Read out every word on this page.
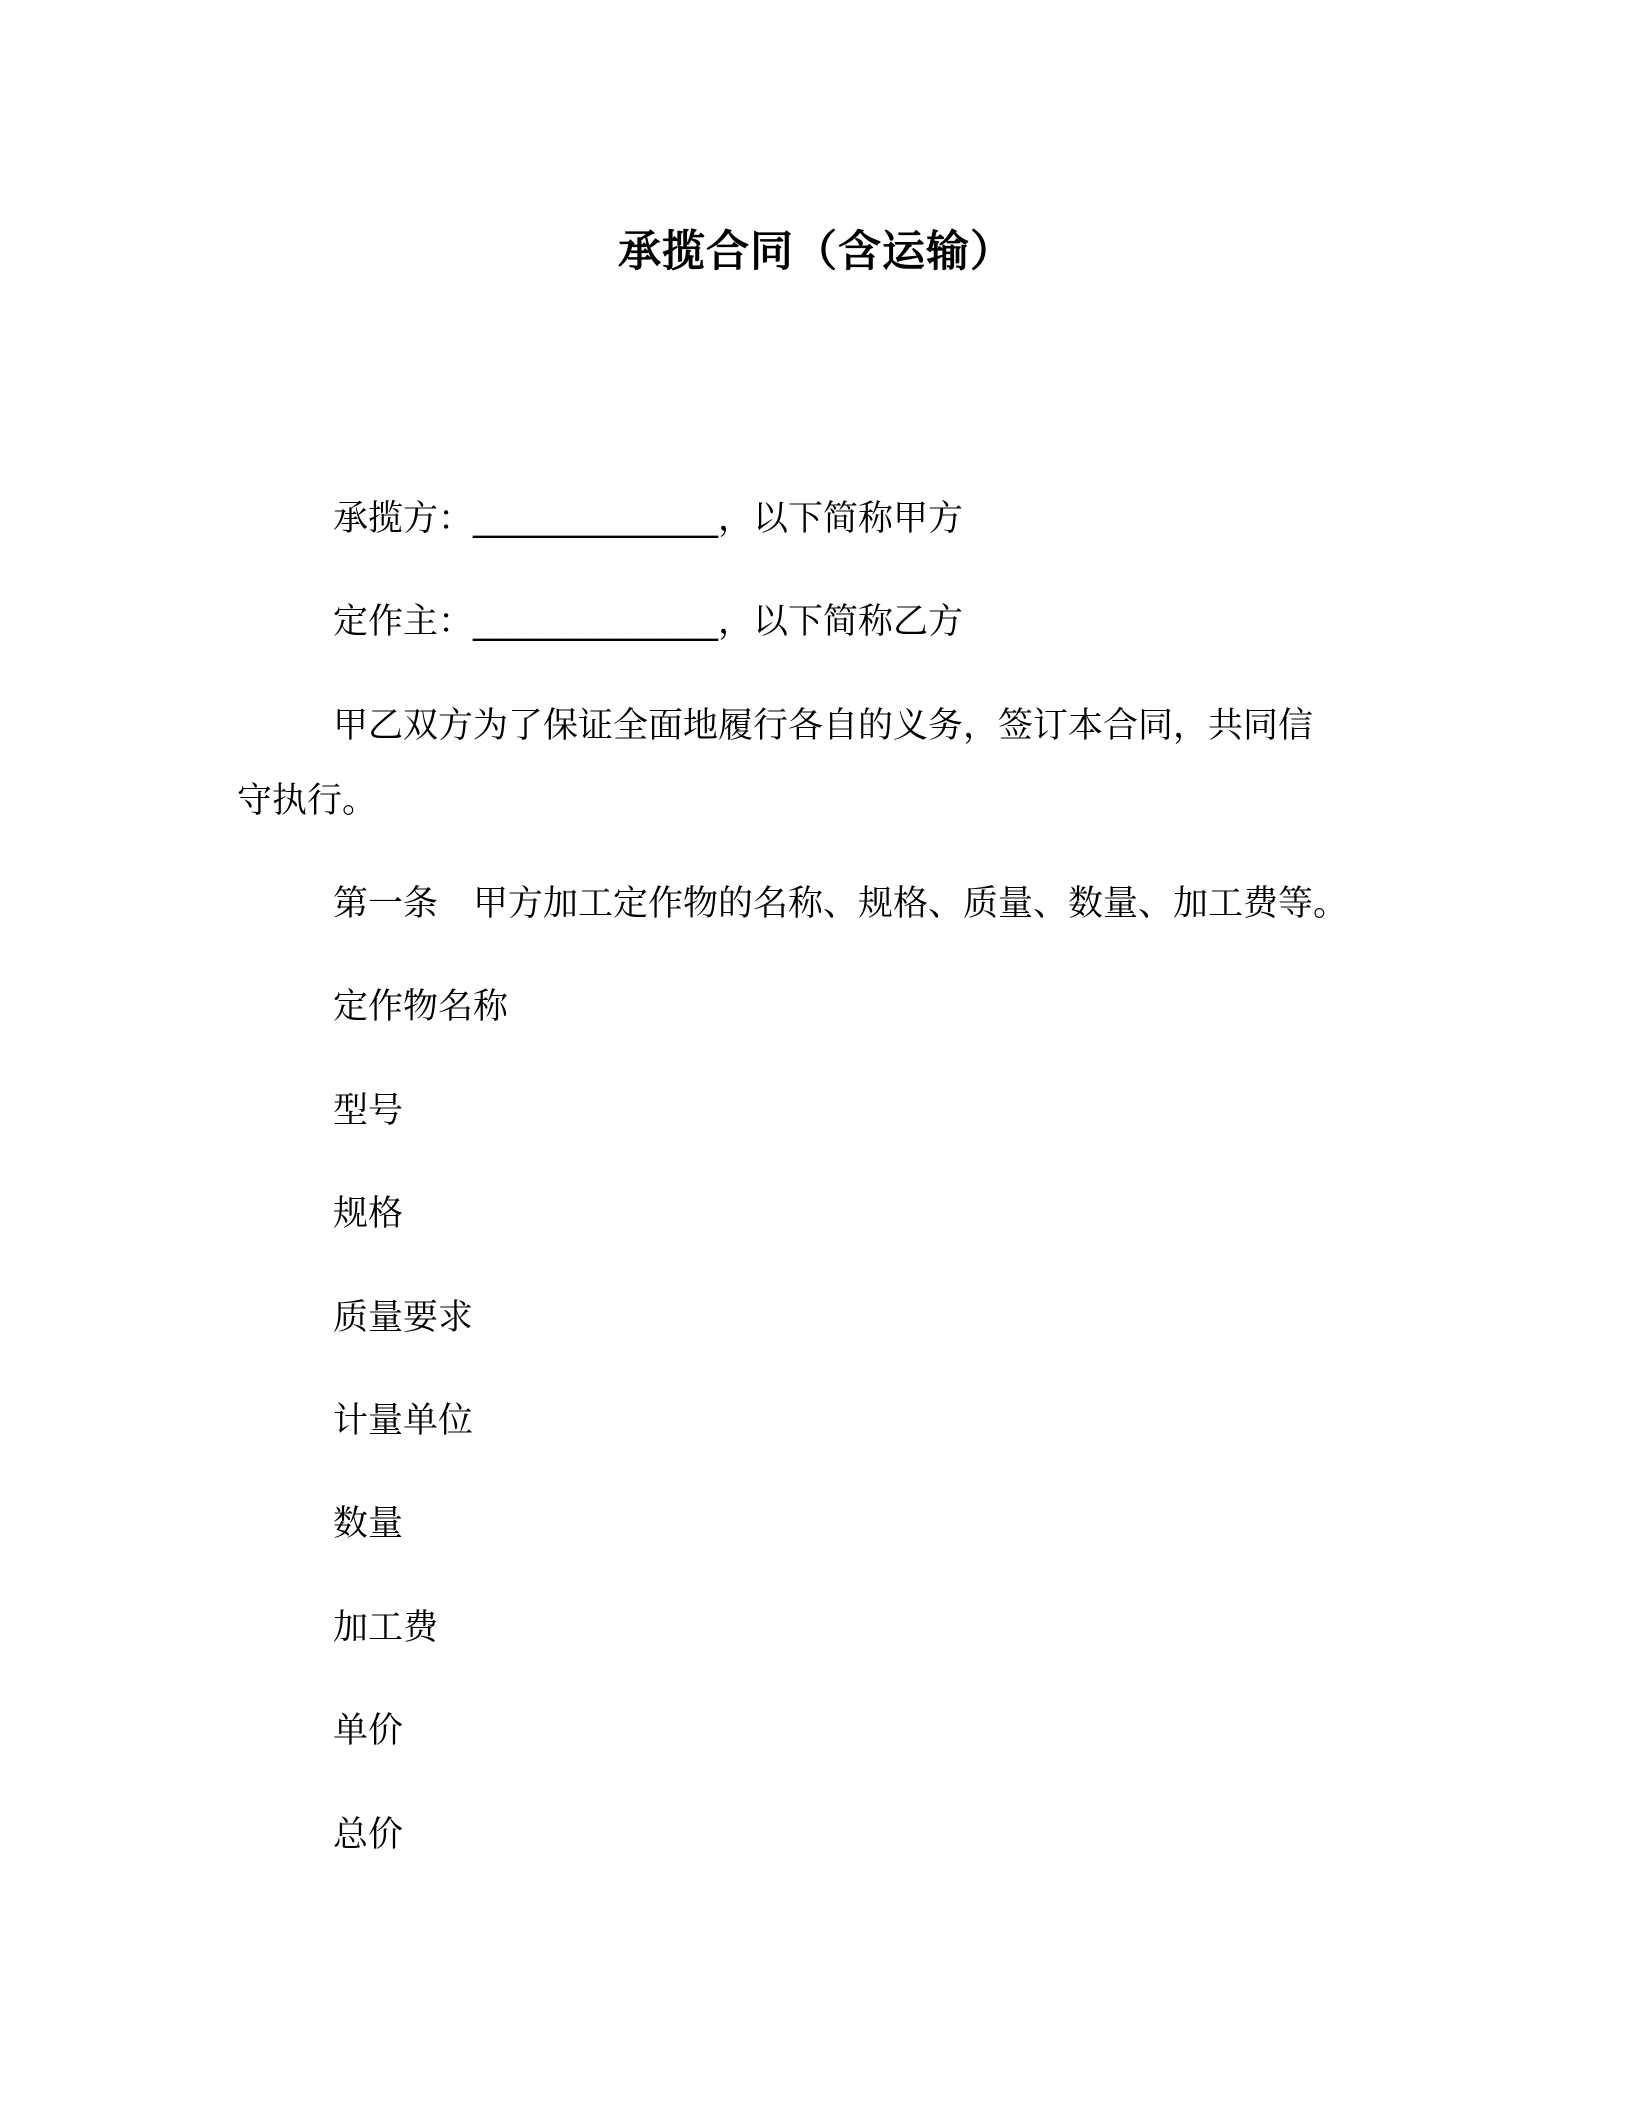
承揽合同（含运输）
承揽方：______________，以下简称甲方
定作主：______________，以下简称乙方
甲乙双方为了保证全面地履行各自的义务，签订本合同，共同信
守执行。
第一条　甲方加工定作物的名称、规格、质量、数量、加工费等。
定作物名称
型号
规格
质量要求
计量单位
数量
加工费
单价
总价
